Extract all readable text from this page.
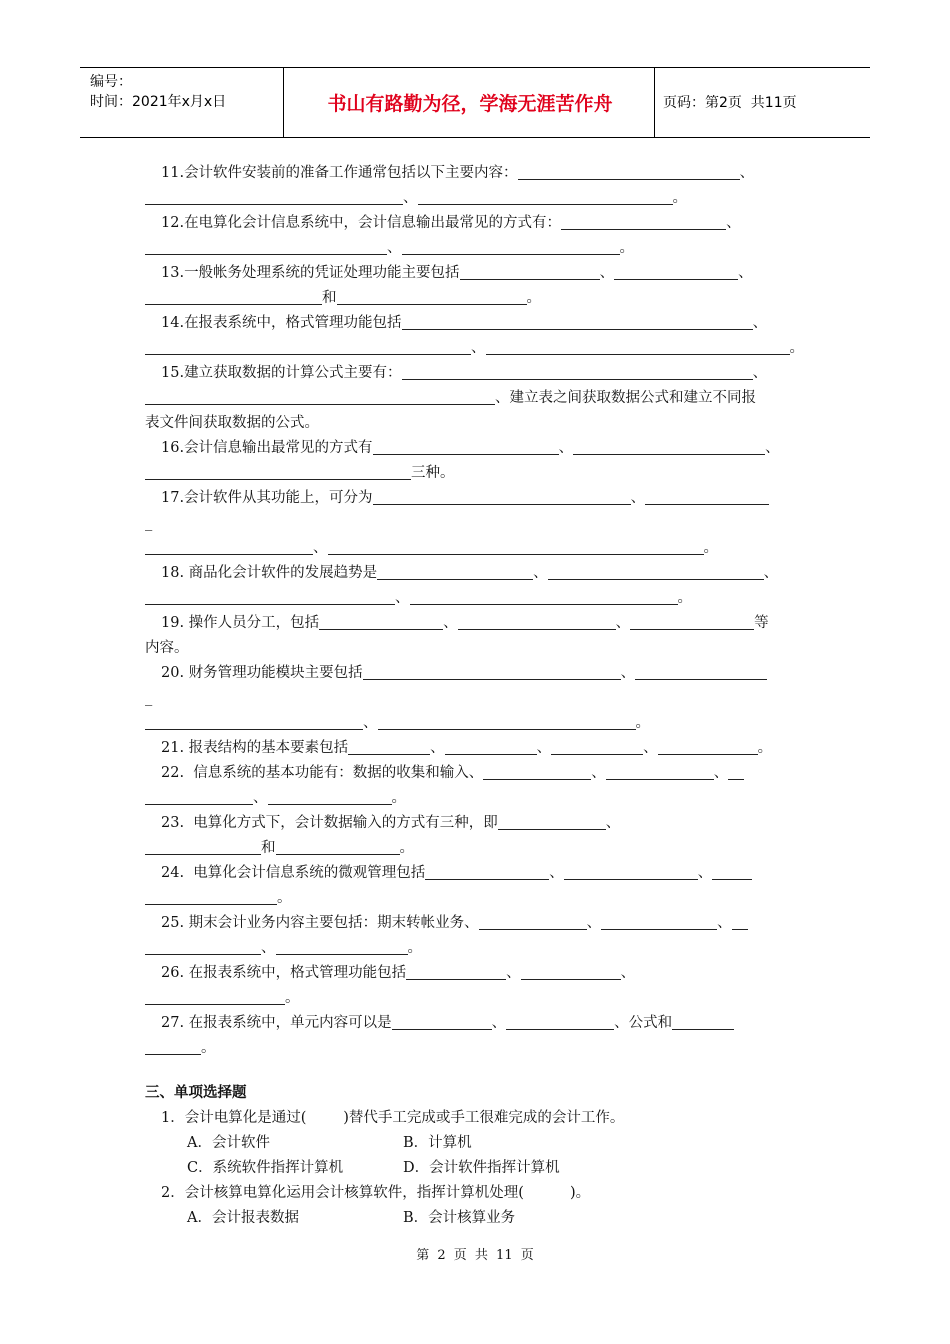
编号：
时间：2021年x月x日	书山有路勤为径，学海无涯苦作舟	页码：第2页  共11页
11.会计软件安装前的准备工作通常包括以下主要内容：	、
、	。
12.在电算化会计信息系统中，会计信息输出最常见的方式有：	、
、	。
13.一般帐务处理系统的凭证处理功能主要包括	、	、
和	。
14.在报表系统中，格式管理功能包括	、
、	。
15.建立获取数据的计算公式主要有：	、
、建立表之间获取数据公式和建立不同报
表文件间获取数据的公式。
16.会计信息输出最常见的方式有	、	、
三种。
17.会计软件从其功能上，可分为	、
_
、	。
18. 商品化会计软件的发展趋势是	、	、
、	。
19. 操作人员分工，包括	、	、	等
内容。
20. 财务管理功能模块主要包括	、
_
、	。
21. 报表结构的基本要素包括	、	、	、	。
22.  信息系统的基本功能有：数据的收集和输入、	、	、
、	。
23.  电算化方式下，会计数据输入的方式有三种，即	、
和	。
24.  电算化会计信息系统的微观管理包括	、	、
。
25. 期末会计业务内容主要包括：期末转帐业务、	、	、
、	。
26. 在报表系统中，格式管理功能包括	、	、
。
27. 在报表系统中，单元内容可以是	、	、公式和
。
三、单项选择题
1．会计电算化是通过(        )替代手工完成或手工很难完成的会计工作。
A．会计软件	B．计算机
C．系统软件指挥计算机	D．会计软件指挥计算机
2．会计核算电算化运用会计核算软件，指挥计算机处理(          )。
A．会计报表数据	B．会计核算业务
第 2 页 共 11 页
